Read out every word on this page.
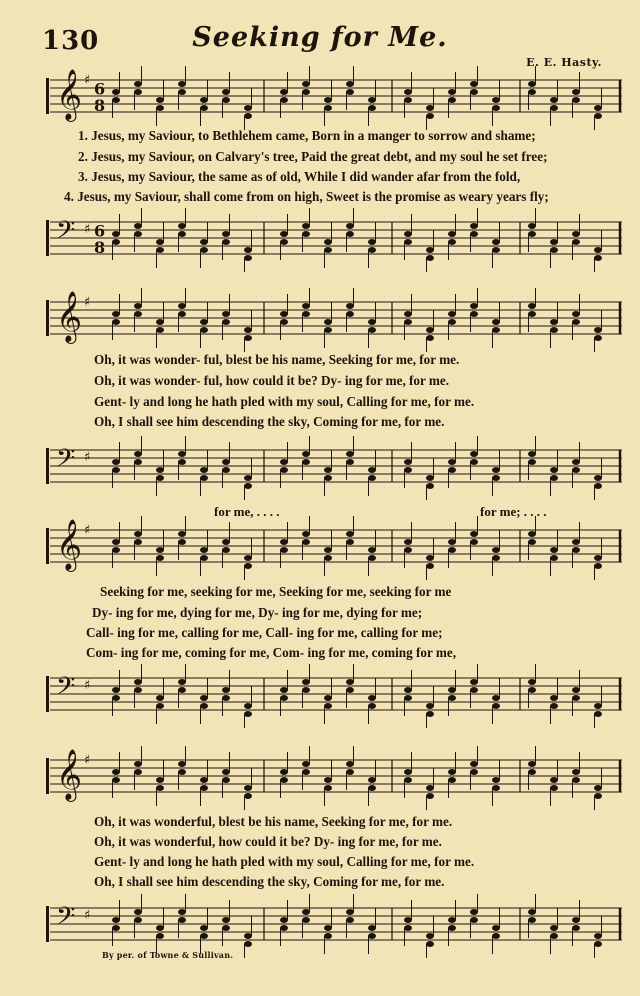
130	Seeking for Me.
E. E. Hasty.
𝄞 ♯ 6
8
1. Jesus, my Saviour, to Bethlehem came, Born in a manger to sorrow and shame;
2. Jesus, my Saviour, on Calvary's tree, Paid the great debt, and my soul he set free;
3. Jesus, my Saviour, the same as of old, While I did wander afar from the fold,
4. Jesus, my Saviour, shall come from on high, Sweet is the promise as weary years fly;
𝄢 ♯ 6
8
𝄞 ♯
Oh, it was wonder- ful, blest be his name, Seeking for me, for me.
Oh, it was wonder- ful, how could it be? Dy- ing for me, for me.
Gent- ly and long he hath pled with my soul, Calling for me, for me.
Oh, I shall see him descending the sky, Coming for me, for me.
𝄢 ♯
for me, . . . .	for me; . . . .
𝄞 ♯
Seeking for me, seeking for me, Seeking for me, seeking for me
Dy- ing for me, dying for me, Dy- ing for me, dying for me;
Call- ing for me, calling for me, Call- ing for me, calling for me;
Com- ing for me, coming for me, Com- ing for me, coming for me,
𝄢 ♯
𝄞 ♯
Oh, it was wonderful, blest be his name, Seeking for me, for me.
Oh, it was wonderful, how could it be? Dy- ing for me, for me.
Gent- ly and long he hath pled with my soul, Calling for me, for me.
Oh, I shall see him descending the sky, Coming for me, for me.
𝄢 ♯
By per. of Towne & Sullivan.
